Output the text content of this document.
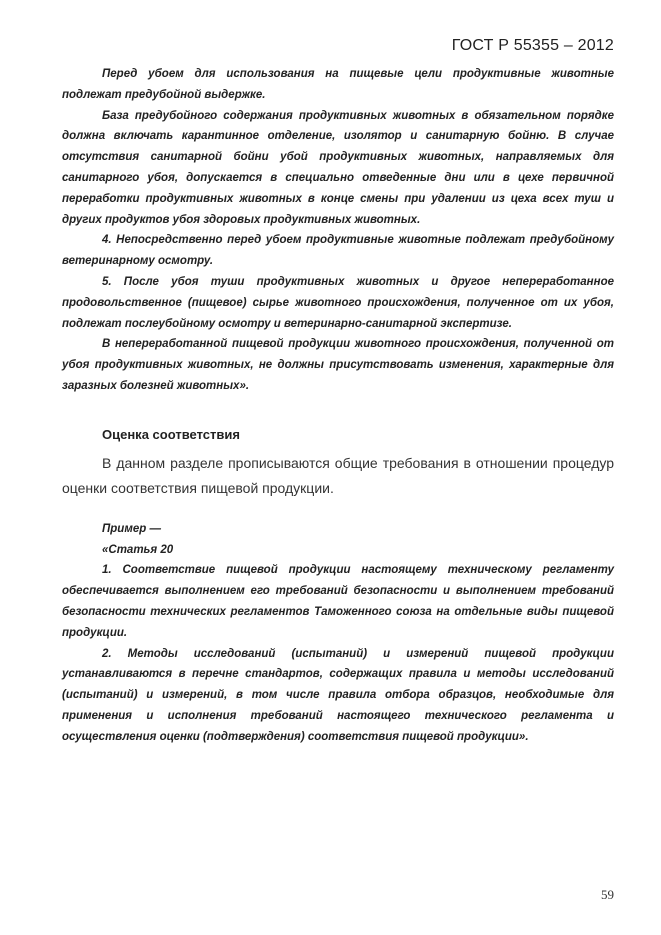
ГОСТ Р 55355 – 2012

Перед убоем для использования на пищевые цели продуктивные животные подлежат предубойной выдержке.

База предубойного содержания продуктивных животных в обязательном порядке должна включать карантинное отделение, изолятор и санитарную бойню. В случае отсутствия санитарной бойни убой продуктивных животных, направляемых для санитарного убоя, допускается в специально отведенные дни или в цехе первичной переработки продуктивных животных в конце смены при удалении из цеха всех туш и других продуктов убоя здоровых продуктивных животных.

4. Непосредственно перед убоем продуктивные животные подлежат предубойному ветеринарному осмотру.

5. После убоя туши продуктивных животных и другое непереработанное продовольственное (пищевое) сырье животного происхождения, полученное от их убоя, подлежат послеубойному осмотру и ветеринарно-санитарной экспертизе.

В непереработанной пищевой продукции животного происхождения, полученной от убоя продуктивных животных, не должны присутствовать изменения, характерные для заразных болезней животных».

Оценка соответствия

В данном разделе прописываются общие требования в отношении процедур оценки соответствия пищевой продукции.

Пример —

«Статья 20

1. Соответствие пищевой продукции настоящему техническому регламенту обеспечивается выполнением его требований безопасности и выполнением требований безопасности технических регламентов Таможенного союза на отдельные виды пищевой продукции.

2. Методы исследований (испытаний) и измерений пищевой продукции устанавливаются в перечне стандартов, содержащих правила и методы исследований (испытаний) и измерений, в том числе правила отбора образцов, необходимые для применения и исполнения требований настоящего технического регламента и осуществления оценки (подтверждения) соответствия пищевой продукции».

59
